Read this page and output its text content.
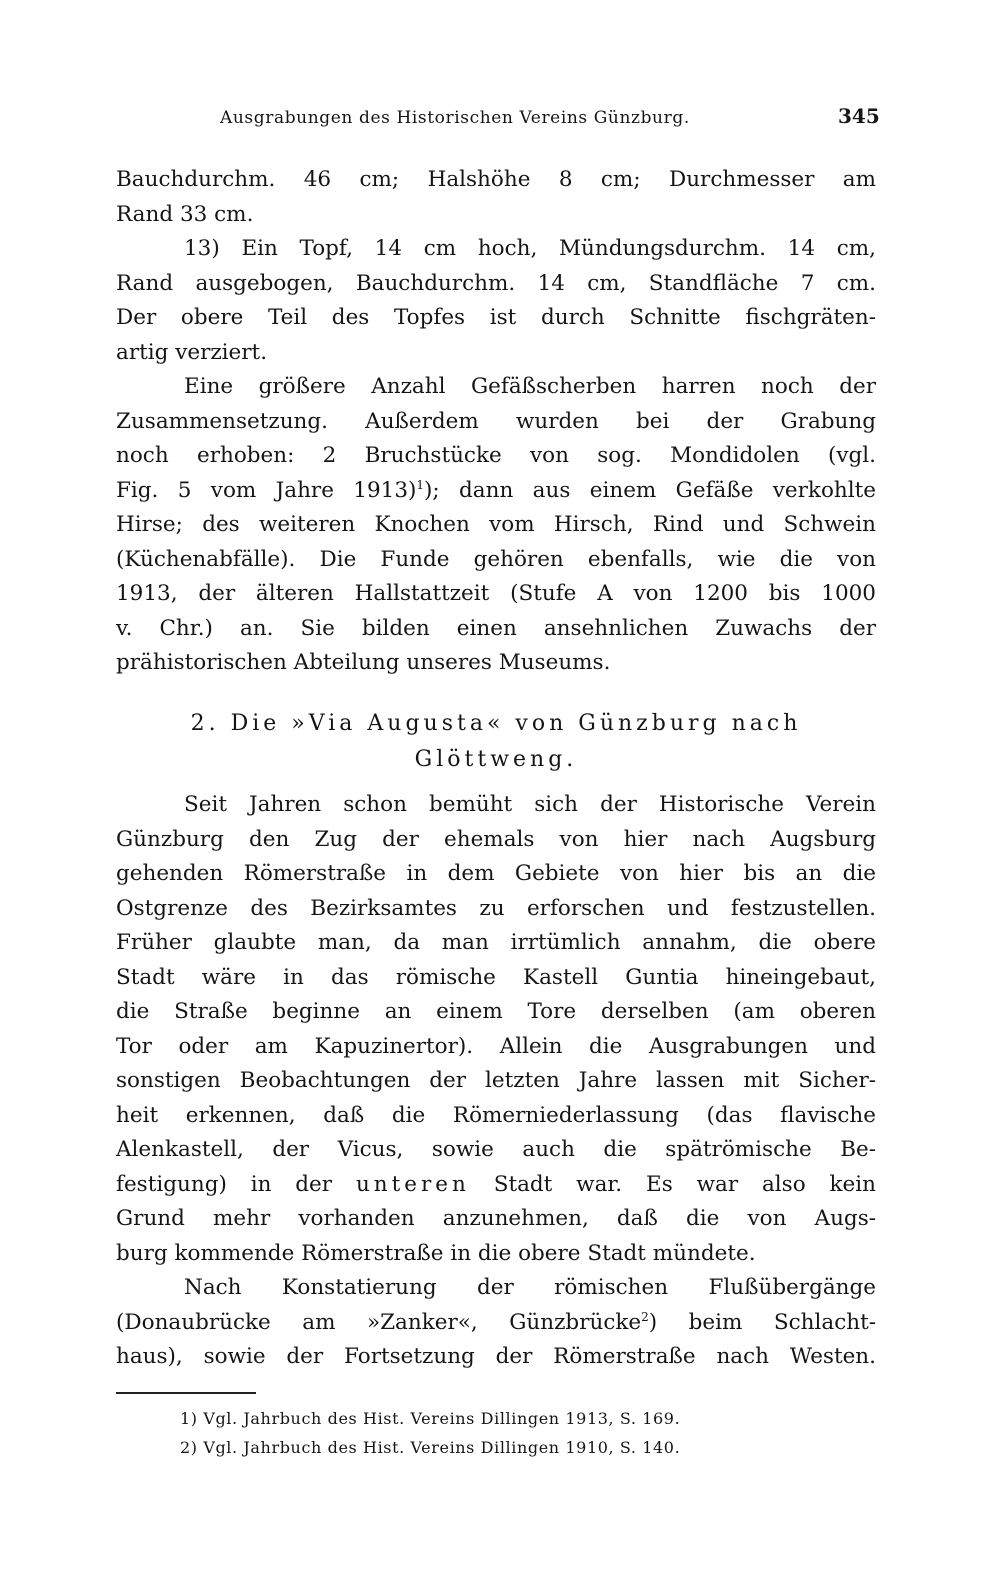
Ausgrabungen des Historischen Vereins Günzburg.	345
Bauchdurchm. 46 cm; Halshöhe 8 cm; Durchmesser am
Rand 33 cm.
13) Ein Topf, 14 cm hoch, Mündungsdurchm. 14 cm,
Rand ausgebogen, Bauchdurchm. 14 cm, Standfläche 7 cm.
Der obere Teil des Topfes ist durch Schnitte fischgräten-
artig verziert.
Eine größere Anzahl Gefäßscherben harren noch der
Zusammensetzung. Außerdem wurden bei der Grabung
noch erhoben: 2 Bruchstücke von sog. Mondidolen (vgl.
Fig. 5 vom Jahre 1913)$^1$); dann aus einem Gefäße verkohlte
Hirse; des weiteren Knochen vom Hirsch, Rind und Schwein
(Küchenabfälle). Die Funde gehören ebenfalls, wie die von
1913, der älteren Hallstattzeit (Stufe A von 1200 bis 1000
v. Chr.) an. Sie bilden einen ansehnlichen Zuwachs der
prähistorischen Abteilung unseres Museums.
2. Die »Via Augusta« von Günzburg nach
Glöttweng.
Seit Jahren schon bemüht sich der Historische Verein
Günzburg den Zug der ehemals von hier nach Augsburg
gehenden Römerstraße in dem Gebiete von hier bis an die
Ostgrenze des Bezirksamtes zu erforschen und festzustellen.
Früher glaubte man, da man irrtümlich annahm, die obere
Stadt wäre in das römische Kastell Guntia hineingebaut,
die Straße beginne an einem Tore derselben (am oberen
Tor oder am Kapuzinertor). Allein die Ausgrabungen und
sonstigen Beobachtungen der letzten Jahre lassen mit Sicher-
heit erkennen, daß die Römerniederlassung (das flavische
Alenkastell, der Vicus, sowie auch die spätrömische Be-
festigung) in der unteren Stadt war. Es war also kein
Grund mehr vorhanden anzunehmen, daß die von Augs-
burg kommende Römerstraße in die obere Stadt mündete.
Nach Konstatierung der römischen Flußübergänge
(Donaubrücke am »Zanker«, Günzbrücke$^2$) beim Schlacht-
haus), sowie der Fortsetzung der Römerstraße nach Westen.
1) Vgl. Jahrbuch des Hist. Vereins Dillingen 1913, S. 169.
2) Vgl. Jahrbuch des Hist. Vereins Dillingen 1910, S. 140.
